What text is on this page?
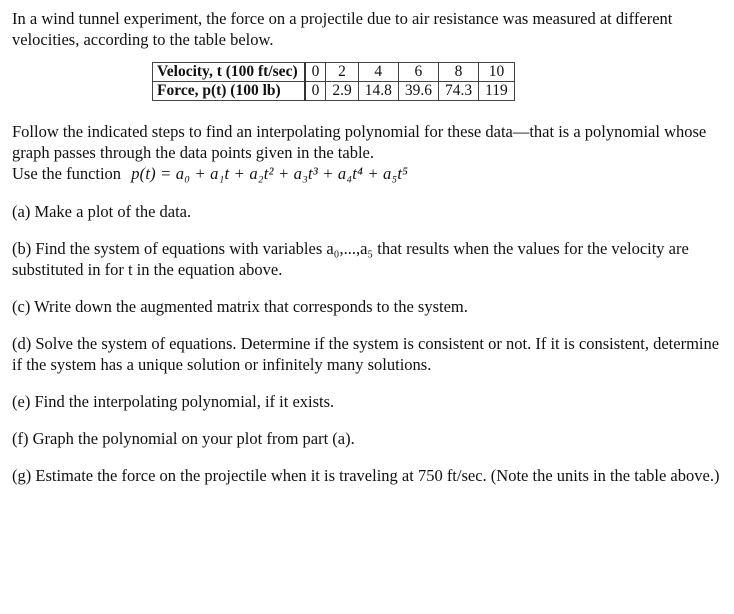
In a wind tunnel experiment, the force on a projectile due to air resistance was measured at different velocities, according to the table below.

Velocity, t (100 ft/sec)	0	2	4	6	8	10
Force, p(t) (100 lb)	0	2.9	14.8	39.6	74.3	119

Follow the indicated steps to find an interpolating polynomial for these data—that is a polynomial whose graph passes through the data points given in the table.

Use the function p(t) = a₀ + a₁t + a₂t² + a₃t³ + a₄t⁴ + a₅t⁵

(a) Make a plot of the data.

(b) Find the system of equations with variables a₀,...,a₅ that results when the values for the velocity are substituted in for t in the equation above.

(c) Write down the augmented matrix that corresponds to the system.

(d) Solve the system of equations. Determine if the system is consistent or not. If it is consistent, determine if the system has a unique solution or infinitely many solutions.

(e) Find the interpolating polynomial, if it exists.

(f) Graph the polynomial on your plot from part (a).

(g) Estimate the force on the projectile when it is traveling at 750 ft/sec. (Note the units in the table above.)
